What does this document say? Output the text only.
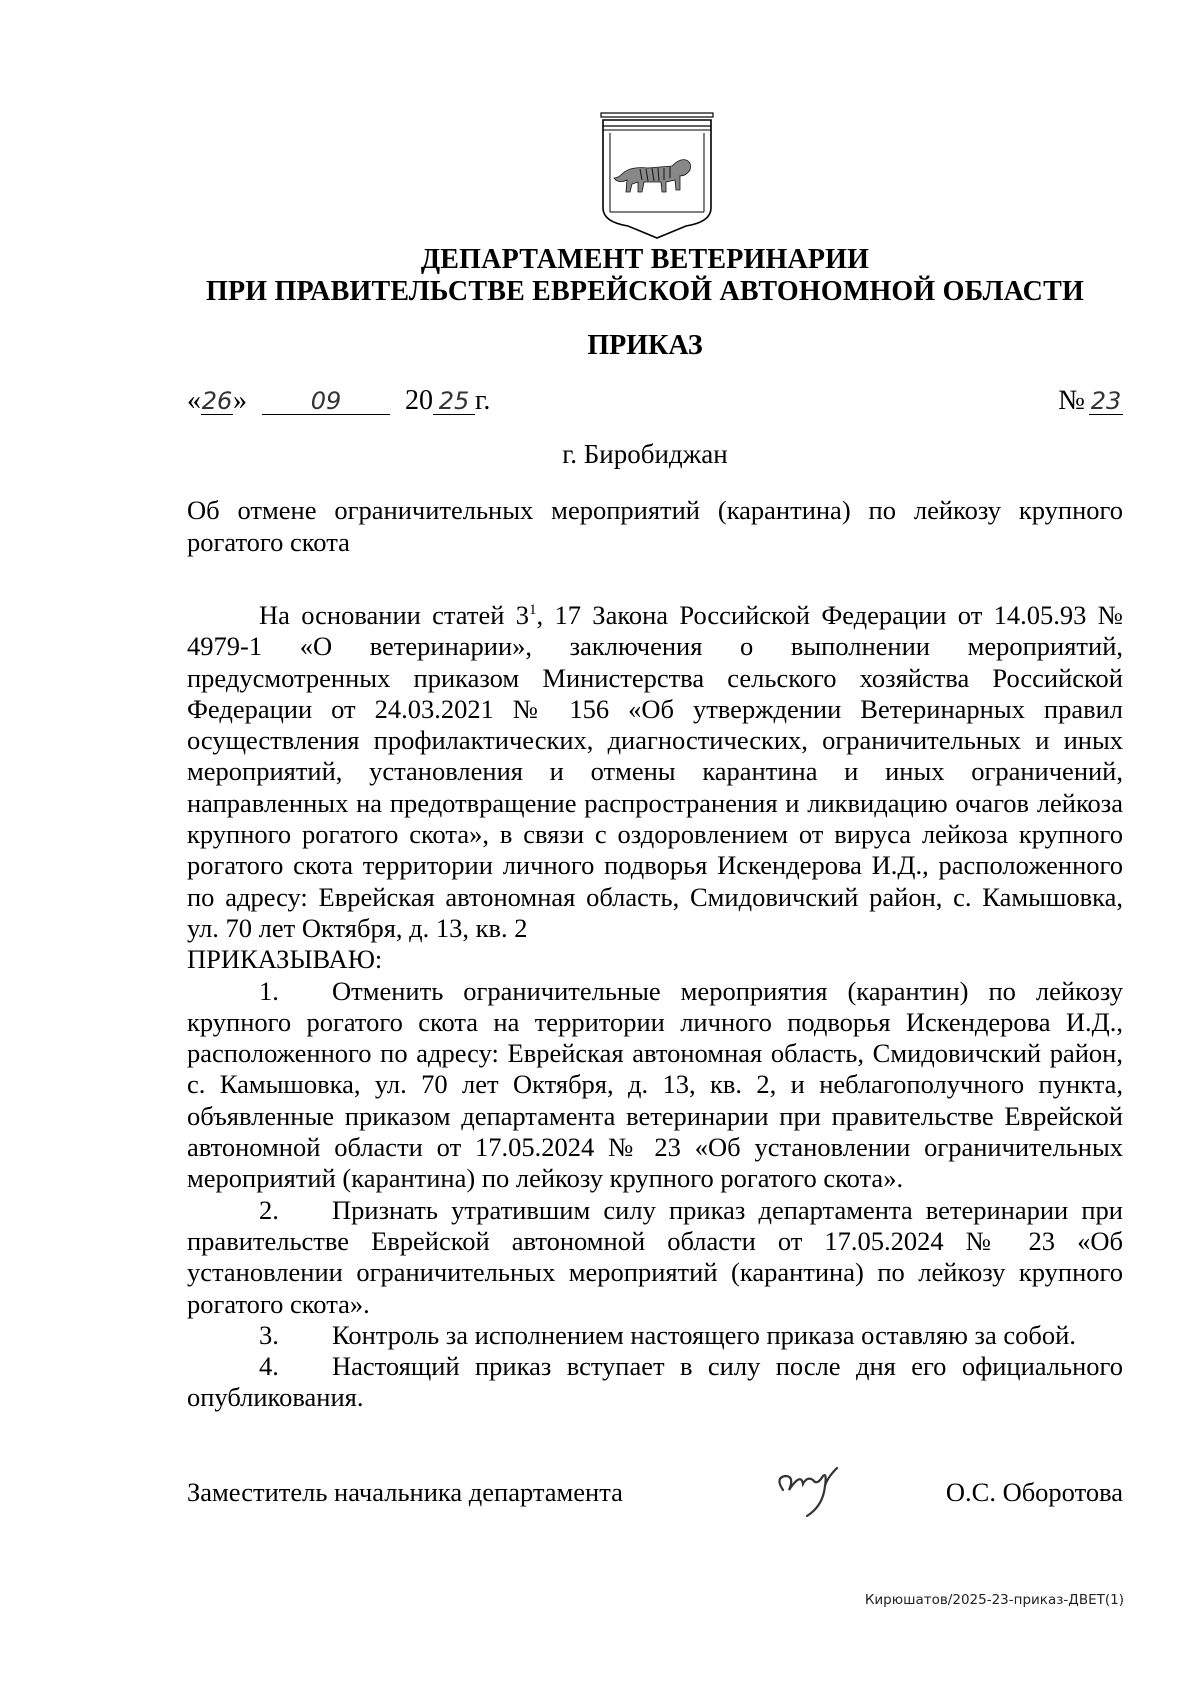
ДЕПАРТАМЕНТ ВЕТЕРИНАРИИ
ПРИ ПРАВИТЕЛЬСТВЕ ЕВРЕЙСКОЙ АВТОНОМНОЙ ОБЛАСТИ
ПРИКАЗ
«26»	09 20 25 г.	№ 23
г. Биробиджан
Об отмене ограничительных мероприятий (карантина) по лейкозу крупного рогатого скота

На основании статей $3^1$, 17 Закона Российской Федерации от 14.05.93 № 4979-1 «О ветеринарии», заключения о выполнении мероприятий, предусмотренных приказом Министерства сельского хозяйства Российской Федерации от 24.03.2021 № 156 «Об утверждении Ветеринарных правил осуществления профилактических, диагностических, ограничительных и иных мероприятий, установления и отмены карантина и иных ограничений, направленных на предотвращение распространения и ликвидацию очагов лейкоза крупного рогатого скота», в связи с оздоровлением от вируса лейкоза крупного рогатого скота территории личного подворья Искендерова И.Д., расположенного по адресу: Еврейская автономная область, Смидовичский район, с. Камышовка, ул. 70 лет Октября, д. 13, кв. 2

ПРИКАЗЫВАЮ:

1. Отменить ограничительные мероприятия (карантин) по лейкозу крупного рогатого скота на территории личного подворья Искендерова И.Д., расположенного по адресу: Еврейская автономная область, Смидовичский район, с. Камышовка, ул. 70 лет Октября, д. 13, кв. 2, и неблагополучного пункта, объявленные приказом департамента ветеринарии при правительстве Еврейской автономной области от 17.05.2024 № 23 «Об установлении ограничительных мероприятий (карантина) по лейкозу крупного рогатого скота».

2. Признать утратившим силу приказ департамента ветеринарии при правительстве Еврейской автономной области от 17.05.2024 № 23 «Об установлении ограничительных мероприятий (карантина) по лейкозу крупного рогатого скота».

3. Контроль за исполнением настоящего приказа оставляю за собой.

4. Настоящий приказ вступает в силу после дня его официального опубликования.

Заместитель начальника департамента	О.С. Оборотова
Кирюшатов/2025-23-приказ-ДВЕТ(1)
